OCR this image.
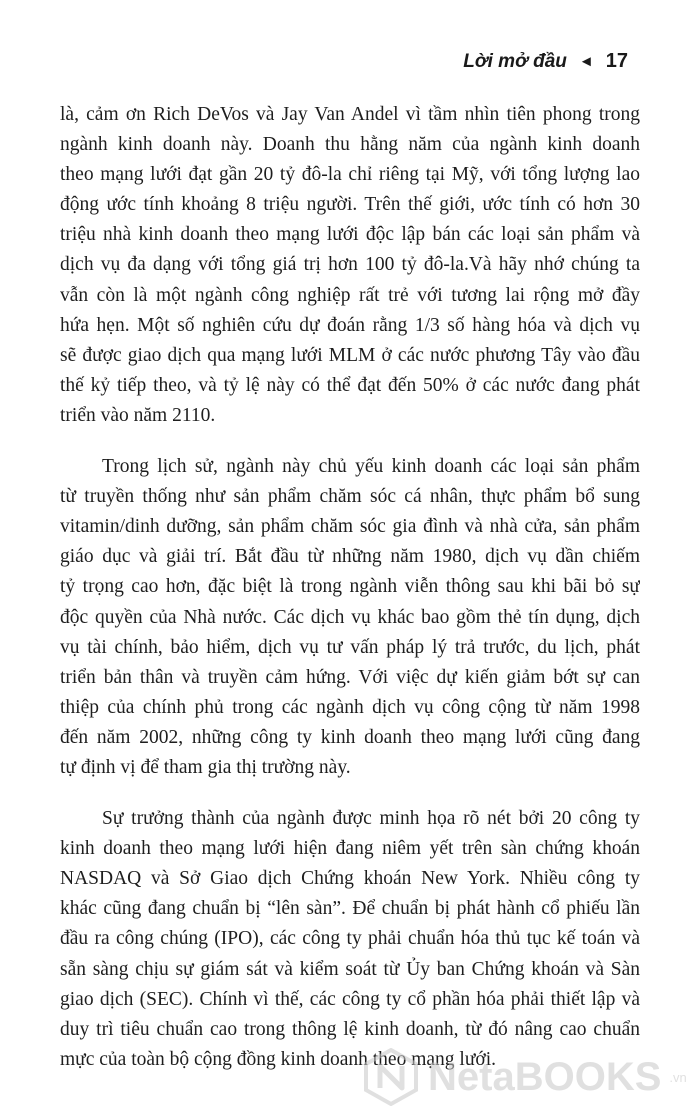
Lời mở đầu ◄ 17
là, cảm ơn Rich DeVos và Jay Van Andel vì tầm nhìn tiên phong trong
ngành kinh doanh này. Doanh thu hằng năm của ngành kinh doanh
theo mạng lưới đạt gần 20 tỷ đô-la chỉ riêng tại Mỹ, với tổng lượng lao
động ước tính khoảng 8 triệu người. Trên thế giới, ước tính có hơn 30
triệu nhà kinh doanh theo mạng lưới độc lập bán các loại sản phẩm và
dịch vụ đa dạng với tổng giá trị hơn 100 tỷ đô-la.Và hãy nhớ chúng ta
vẫn còn là một ngành công nghiệp rất trẻ với tương lai rộng mở đầy
hứa hẹn. Một số nghiên cứu dự đoán rằng 1/3 số hàng hóa và dịch vụ
sẽ được giao dịch qua mạng lưới MLM ở các nước phương Tây vào đầu
thế kỷ tiếp theo, và tỷ lệ này có thể đạt đến 50% ở các nước đang phát
triển vào năm 2110.
Trong lịch sử, ngành này chủ yếu kinh doanh các loại sản phẩm
từ truyền thống như sản phẩm chăm sóc cá nhân, thực phẩm bổ sung
vitamin/dinh dưỡng, sản phẩm chăm sóc gia đình và nhà cửa, sản phẩm
giáo dục và giải trí. Bắt đầu từ những năm 1980, dịch vụ dần chiếm
tỷ trọng cao hơn, đặc biệt là trong ngành viễn thông sau khi bãi bỏ sự
độc quyền của Nhà nước. Các dịch vụ khác bao gồm thẻ tín dụng, dịch
vụ tài chính, bảo hiểm, dịch vụ tư vấn pháp lý trả trước, du lịch, phát
triển bản thân và truyền cảm hứng. Với việc dự kiến giảm bớt sự can
thiệp của chính phủ trong các ngành dịch vụ công cộng từ năm 1998
đến năm 2002, những công ty kinh doanh theo mạng lưới cũng đang
tự định vị để tham gia thị trường này.
Sự trưởng thành của ngành được minh họa rõ nét bởi 20 công ty
kinh doanh theo mạng lưới hiện đang niêm yết trên sàn chứng khoán
NASDAQ và Sở Giao dịch Chứng khoán New York. Nhiều công ty
khác cũng đang chuẩn bị “lên sàn”. Để chuẩn bị phát hành cổ phiếu lần
đầu ra công chúng (IPO), các công ty phải chuẩn hóa thủ tục kế toán và
sẵn sàng chịu sự giám sát và kiểm soát từ Ủy ban Chứng khoán và Sàn
giao dịch (SEC). Chính vì thế, các công ty cổ phần hóa phải thiết lập và
duy trì tiêu chuẩn cao trong thông lệ kinh doanh, từ đó nâng cao chuẩn
mực của toàn bộ cộng đồng kinh doanh theo mạng lưới.
NetaBOOKS .vn
